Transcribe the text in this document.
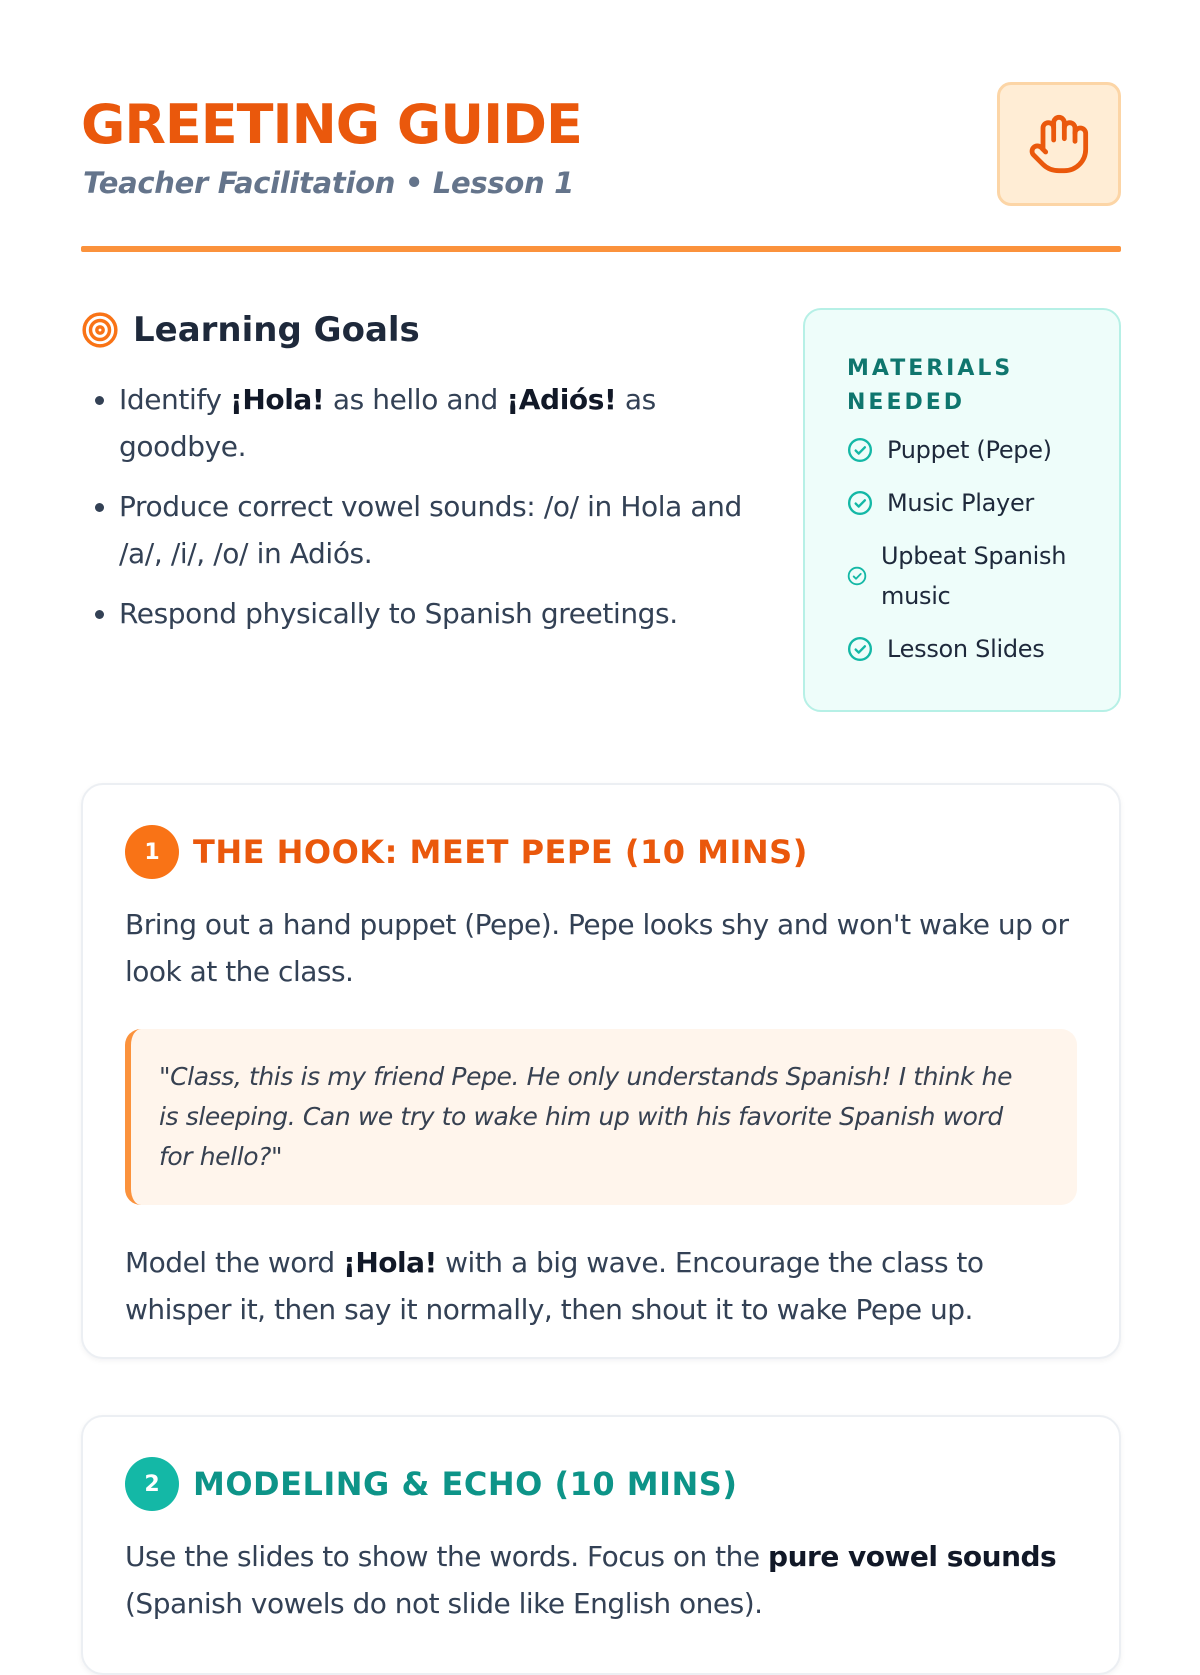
GREETING GUIDE
Teacher Facilitation • Lesson 1
Learning Goals
• Identify ¡Hola! as hello and ¡Adiós! as goodbye.
• Produce correct vowel sounds: /o/ in Hola and /a/, /i/, /o/ in Adiós.
• Respond physically to Spanish greetings.
MATERIALS NEEDED
Puppet (Pepe)
Music Player
Upbeat Spanish music
Lesson Slides
1	THE HOOK: MEET PEPE (10 MINS)

Bring out a hand puppet (Pepe). Pepe looks shy and won't wake up or look at the class.

"Class, this is my friend Pepe. He only understands Spanish! I think he is sleeping. Can we try to wake him up with his favorite Spanish word for hello?"

Model the word ¡Hola! with a big wave. Encourage the class to whisper it, then say it normally, then shout it to wake Pepe up.

2	MODELING & ECHO (10 MINS)

Use the slides to show the words. Focus on the pure vowel sounds (Spanish vowels do not slide like English ones).
